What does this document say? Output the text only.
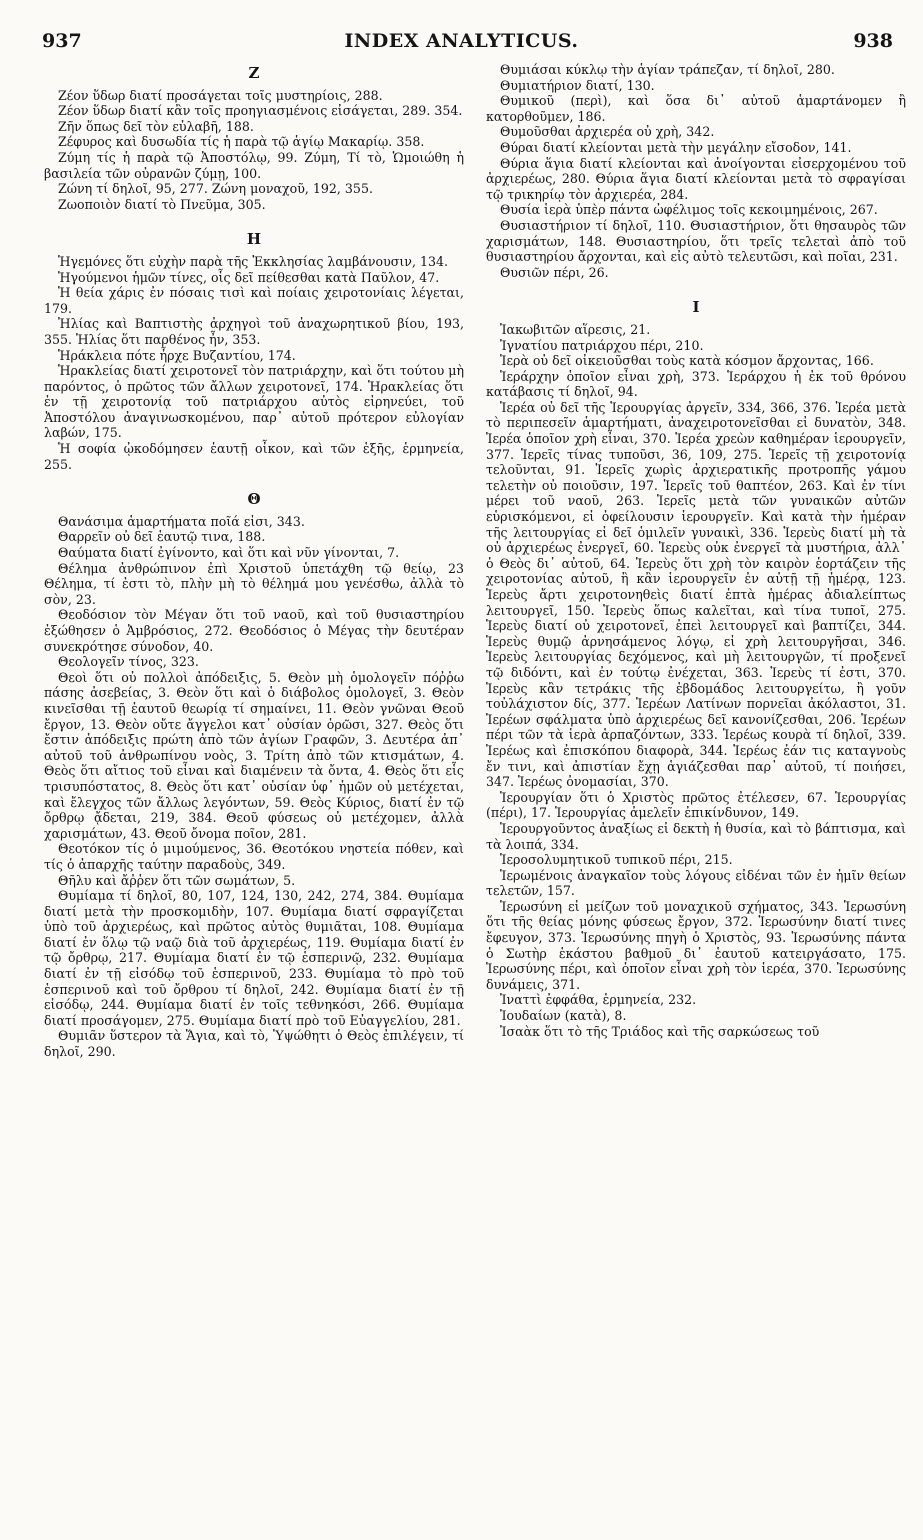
937	INDEX ANALYTICUS.	938
Ζ

Ζέον ὕδωρ διατί προσάγεται τοῖς μυστηρίοις, 288.

Ζέον ὕδωρ διατί κἂν τοῖς προηγιασμένοις εἰσάγεται, 289. 354.

Ζῆν ὅπως δεῖ τὸν εὐλαβῆ, 188.

Ζέφυρος καὶ δυσωδία τίς ἡ παρὰ τῷ ἁγίῳ Μακαρίῳ. 358.

Ζύμη τίς ἡ παρὰ τῷ Ἀποστόλῳ, 99. Ζύμη, Τί τὸ, Ὡμοιώθη ἡ βασιλεία τῶν οὐρανῶν ζύμῃ, 100.

Ζώνη τί δηλοῖ, 95, 277. Ζώνη μοναχοῦ, 192, 355.

Ζωοποιὸν διατί τὸ Πνεῦμα, 305.

Η

Ἡγεμόνες ὅτι εὐχὴν παρὰ τῆς Ἐκκλησίας λαμβάνουσιν, 134.

Ἡγούμενοι ἡμῶν τίνες, οἷς δεῖ πείθεσθαι κατὰ Παῦλον, 47.

Ἡ θεία χάρις ἐν πόσαις τισὶ καὶ ποίαις χειροτονίαις λέγεται, 179.

Ἠλίας καὶ Βαπτιστὴς ἀρχηγοὶ τοῦ ἀναχωρητικοῦ βίου, 193, 355. Ἠλίας ὅτι παρθένος ἦν, 353.

Ἡράκλεια πότε ἦρχε Βυζαντίου, 174.

Ἡρακλείας διατί χειροτονεῖ τὸν πατριάρχην, καὶ ὅτι τούτου μὴ παρόντος, ὁ πρῶτος τῶν ἄλλων χειροτονεῖ, 174. Ἡρακλείας ὅτι ἐν τῇ χειροτονίᾳ τοῦ πατριάρχου αὐτὸς εἰρηνεύει, τοῦ Ἀποστόλου ἀναγινωσκομένου, παρ᾽ αὐτοῦ πρότερον εὐλογίαν λαβών, 175.

Ἡ σοφία ᾠκοδόμησεν ἑαυτῇ οἶκον, καὶ τῶν ἑξῆς, ἑρμηνεία, 255.

Θ

Θανάσιμα ἁμαρτήματα ποῖά εἰσι, 343.

Θαρρεῖν οὐ δεῖ ἑαυτῷ τινα, 188.

Θαύματα διατί ἐγίνοντο, καὶ ὅτι καὶ νῦν γίνονται, 7.

Θέλημα ἀνθρώπινον ἐπὶ Χριστοῦ ὑπετάχθη τῷ θείῳ, 23 Θέλημα, τί ἐστι τὸ, πλὴν μὴ τὸ θέλημά μου γενέσθω, ἀλλὰ τὸ σὸν, 23.

Θεοδόσιον τὸν Μέγαν ὅτι τοῦ ναοῦ, καὶ τοῦ θυσιαστηρίου ἐξώθησεν ὁ Ἀμβρόσιος, 272. Θεοδόσιος ὁ Μέγας τὴν δευτέραν συνεκρότησε σύνοδον, 40.

Θεολογεῖν τίνος, 323.

Θεοὶ ὅτι οὐ πολλοὶ ἀπόδειξις, 5. Θεὸν μὴ ὁμολογεῖν πόῤῥω πάσης ἀσεβείας, 3. Θεὸν ὅτι καὶ ὁ διάβολος ὁμολογεῖ, 3. Θεὸν κινεῖσθαι τῇ ἑαυτοῦ θεωρίᾳ τί σημαίνει, 11. Θεὸν γνῶναι Θεοῦ ἔργον, 13. Θεὸν οὔτε ἄγγελοι κατ᾽ οὐσίαν ὁρῶσι, 327. Θεὸς ὅτι ἔστιν ἀπόδειξις πρώτη ἀπὸ τῶν ἁγίων Γραφῶν, 3. Δευτέρα ἀπ᾽ αὐτοῦ τοῦ ἀνθρωπίνου νοὸς, 3. Τρίτη ἀπὸ τῶν κτισμάτων, 4. Θεὸς ὅτι αἴτιος τοῦ εἶναι καὶ διαμένειν τὰ ὄντα, 4. Θεὸς ὅτι εἷς τρισυπόστατος, 8. Θεὸς ὅτι κατ᾽ οὐσίαν ὑφ᾽ ἡμῶν οὐ μετέχεται, καὶ ἔλεγχος τῶν ἄλλως λεγόντων, 59. Θεὸς Κύριος, διατί ἐν τῷ ὄρθρῳ ᾄδεται, 219, 384. Θεοῦ φύσεως οὐ μετέχομεν, ἀλλὰ χαρισμάτων, 43. Θεοῦ ὄνομα ποῖον, 281.

Θεοτόκον τίς ὁ μιμούμενος, 36. Θεοτόκου νηστεία πόθεν, καὶ τίς ὁ ἀπαρχῆς ταύτην παραδοὺς, 349.

Θῆλυ καὶ ἄῤῥεν ὅτι τῶν σωμάτων, 5.

Θυμίαμα τί δηλοῖ, 80, 107, 124, 130, 242, 274, 384. Θυμίαμα διατί μετὰ τὴν προσκομιδὴν, 107. Θυμίαμα διατί σφραγίζεται ὑπὸ τοῦ ἀρχιερέως, καὶ πρῶτος αὐτὸς θυμιᾶται, 108. Θυμίαμα διατί ἐν ὅλῳ τῷ ναῷ διὰ τοῦ ἀρχιερέως, 119. Θυμίαμα διατί ἐν τῷ ὄρθρῳ, 217. Θυμίαμα διατί ἐν τῷ ἑσπερινῷ, 232. Θυμίαμα διατί ἐν τῇ εἰσόδῳ τοῦ ἑσπερινοῦ, 233. Θυμίαμα τὸ πρὸ τοῦ ἑσπερινοῦ καὶ τοῦ ὄρθρου τί δηλοῖ, 242. Θυμίαμα διατί ἐν τῇ εἰσόδῳ, 244. Θυμίαμα διατί ἐν τοῖς τεθνηκόσι, 266. Θυμίαμα διατί προσάγομεν, 275. Θυμίαμα διατί πρὸ τοῦ Εὐαγγελίου, 281.

Θυμιᾶν ὕστερον τὰ Ἅγια, καὶ τὸ, Ὑψώθητι ὁ Θεὸς ἐπιλέγειν, τί δηλοῖ, 290.

Θυμιάσαι κύκλῳ τὴν ἁγίαν τράπεζαν, τί δηλοῖ, 280.

Θυμιατήριον διατί, 130.

Θυμικοῦ (περὶ), καὶ ὅσα δι᾽ αὐτοῦ ἁμαρτάνομεν ἢ κατορθοῦμεν, 186.

Θυμοῦσθαι ἀρχιερέα οὐ χρὴ, 342.

Θύραι διατί κλείονται μετὰ τὴν μεγάλην εἴσοδον, 141.

Θύρια ἅγια διατί κλείονται καὶ ἀνοίγονται εἰσερχομένου τοῦ ἀρχιερέως, 280. Θύρια ἅγια διατί κλείονται μετὰ τὸ σφραγίσαι τῷ τρικηρίῳ τὸν ἀρχιερέα, 284.

Θυσία ἱερὰ ὑπὲρ πάντα ὠφέλιμος τοῖς κεκοιμημένοις, 267.

Θυσιαστήριον τί δηλοῖ, 110. Θυσιαστήριον, ὅτι θησαυρὸς τῶν χαρισμάτων, 148. Θυσιαστηρίου, ὅτι τρεῖς τελεταὶ ἀπὸ τοῦ θυσιαστηρίου ἄρχονται, καὶ εἰς αὐτὸ τελευτῶσι, καὶ ποῖαι, 231.

Θυσιῶν πέρι, 26.

Ι

Ἰακωβιτῶν αἵρεσις, 21.

Ἰγνατίου πατριάρχου πέρι, 210.

Ἱερὰ οὐ δεῖ οἰκειοῦσθαι τοὺς κατὰ κόσμον ἄρχοντας, 166.

Ἱεράρχην ὁποῖον εἶναι χρὴ, 373. Ἱεράρχου ἡ ἐκ τοῦ θρόνου κατάβασις τί δηλοῖ, 94.

Ἱερέα οὐ δεῖ τῆς Ἱερουργίας ἀργεῖν, 334, 366, 376. Ἱερέα μετὰ τὸ περιπεσεῖν ἁμαρτήματι, ἀναχειροτονεῖσθαι εἰ δυνατὸν, 348. Ἱερέα ὁποῖον χρὴ εἶναι, 370. Ἱερέα χρεὼν καθημέραν ἱερουργεῖν, 377. Ἱερεῖς τίνας τυποῦσι, 36, 109, 275. Ἱερεῖς τῇ χειροτονίᾳ τελοῦνται, 91. Ἱερεῖς χωρὶς ἀρχιερατικῆς προτροπῆς γάμου τελετὴν οὐ ποιοῦσιν, 197. Ἱερεῖς τοῦ θαπτέον, 263. Καὶ ἐν τίνι μέρει τοῦ ναοῦ, 263. Ἱερεῖς μετὰ τῶν γυναικῶν αὐτῶν εὑρισκόμενοι, εἰ ὀφείλουσιν ἱερουργεῖν. Καὶ κατὰ τὴν ἡμέραν τῆς λειτουργίας εἰ δεῖ ὁμιλεῖν γυναικὶ, 336. Ἱερεὺς διατί μὴ τὰ οὐ ἀρχιερέως ἐνεργεῖ, 60. Ἱερεὺς οὐκ ἐνεργεῖ τὰ μυστήρια, ἀλλ᾽ ὁ Θεὸς δι᾽ αὐτοῦ, 64. Ἱερεὺς ὅτι χρὴ τὸν καιρὸν ἑορτάζειν τῆς χειροτονίας αὐτοῦ, ἢ κἂν ἱερουργεῖν ἐν αὐτῇ τῇ ἡμέρᾳ, 123. Ἱερεὺς ἄρτι χειροτονηθεὶς διατί ἑπτὰ ἡμέρας ἀδιαλείπτως λειτουργεῖ, 150. Ἱερεὺς ὅπως καλεῖται, καὶ τίνα τυποῖ, 275. Ἱερεὺς διατί οὐ χειροτονεῖ, ἐπεὶ λειτουργεῖ καὶ βαπτίζει, 344. Ἱερεὺς θυμῷ ἀρνησάμενος λόγῳ, εἰ χρὴ λειτουργῆσαι, 346. Ἱερεὺς λειτουργίας δεχόμενος, καὶ μὴ λειτουργῶν, τί προξενεῖ τῷ διδόντι, καὶ ἐν τούτῳ ἐνέχεται, 363. Ἱερεὺς τί ἐστι, 370. Ἱερεὺς κἂν τετράκις τῆς ἑβδομάδος λειτουργείτω, ἢ γοῦν τοὐλάχιστον δίς, 377. Ἱερέων Λατίνων πορνεῖαι ἀκόλαστοι, 31. Ἱερέων σφάλματα ὑπὸ ἀρχιερέως δεῖ κανονίζεσθαι, 206. Ἱερέων πέρι τῶν τὰ ἱερὰ ἁρπαζόντων, 333. Ἱερέως κουρὰ τί δηλοῖ, 339. Ἱερέως καὶ ἐπισκόπου διαφορὰ, 344. Ἱερέως ἐάν τις καταγνοὺς ἔν τινι, καὶ ἀπιστίαν ἔχῃ ἁγιάζεσθαι παρ᾽ αὐτοῦ, τί ποιήσει, 347. Ἱερέως ὀνομασίαι, 370.

Ἱερουργίαν ὅτι ὁ Χριστὸς πρῶτος ἐτέλεσεν, 67. Ἱερουργίας (πέρι), 17. Ἱερουργίας ἀμελεῖν ἐπικίνδυνον, 149.

Ἱερουργοῦντος ἀναξίως εἰ δεκτὴ ἡ θυσία, καὶ τὸ βάπτισμα, καὶ τὰ λοιπά, 334.

Ἱεροσολυμητικοῦ τυπικοῦ πέρι, 215.

Ἱερωμένοις ἀναγκαῖον τοὺς λόγους εἰδέναι τῶν ἐν ἡμῖν θείων τελετῶν, 157.

Ἱερωσύνη εἰ μείζων τοῦ μοναχικοῦ σχήματος, 343. Ἱερωσύνη ὅτι τῆς θείας μόνης φύσεως ἔργον, 372. Ἱερωσύνην διατί τινες ἔφευγον, 373. Ἱερωσύνης πηγὴ ὁ Χριστὸς, 93. Ἱερωσύνης πάντα ὁ Σωτὴρ ἑκάστου βαθμοῦ δι᾽ ἑαυτοῦ κατειργάσατο, 175. Ἱερωσύνης πέρι, καὶ ὁποῖον εἶναι χρὴ τὸν ἱερέα, 370. Ἱερωσύνης δυνάμεις, 371.

Ἰναττὶ ἐφφάθα, ἑρμηνεία, 232.

Ἰουδαίων (κατὰ), 8.

Ἰσαὰκ ὅτι τὸ τῆς Τριάδος καὶ τῆς σαρκώσεως τοῦ
